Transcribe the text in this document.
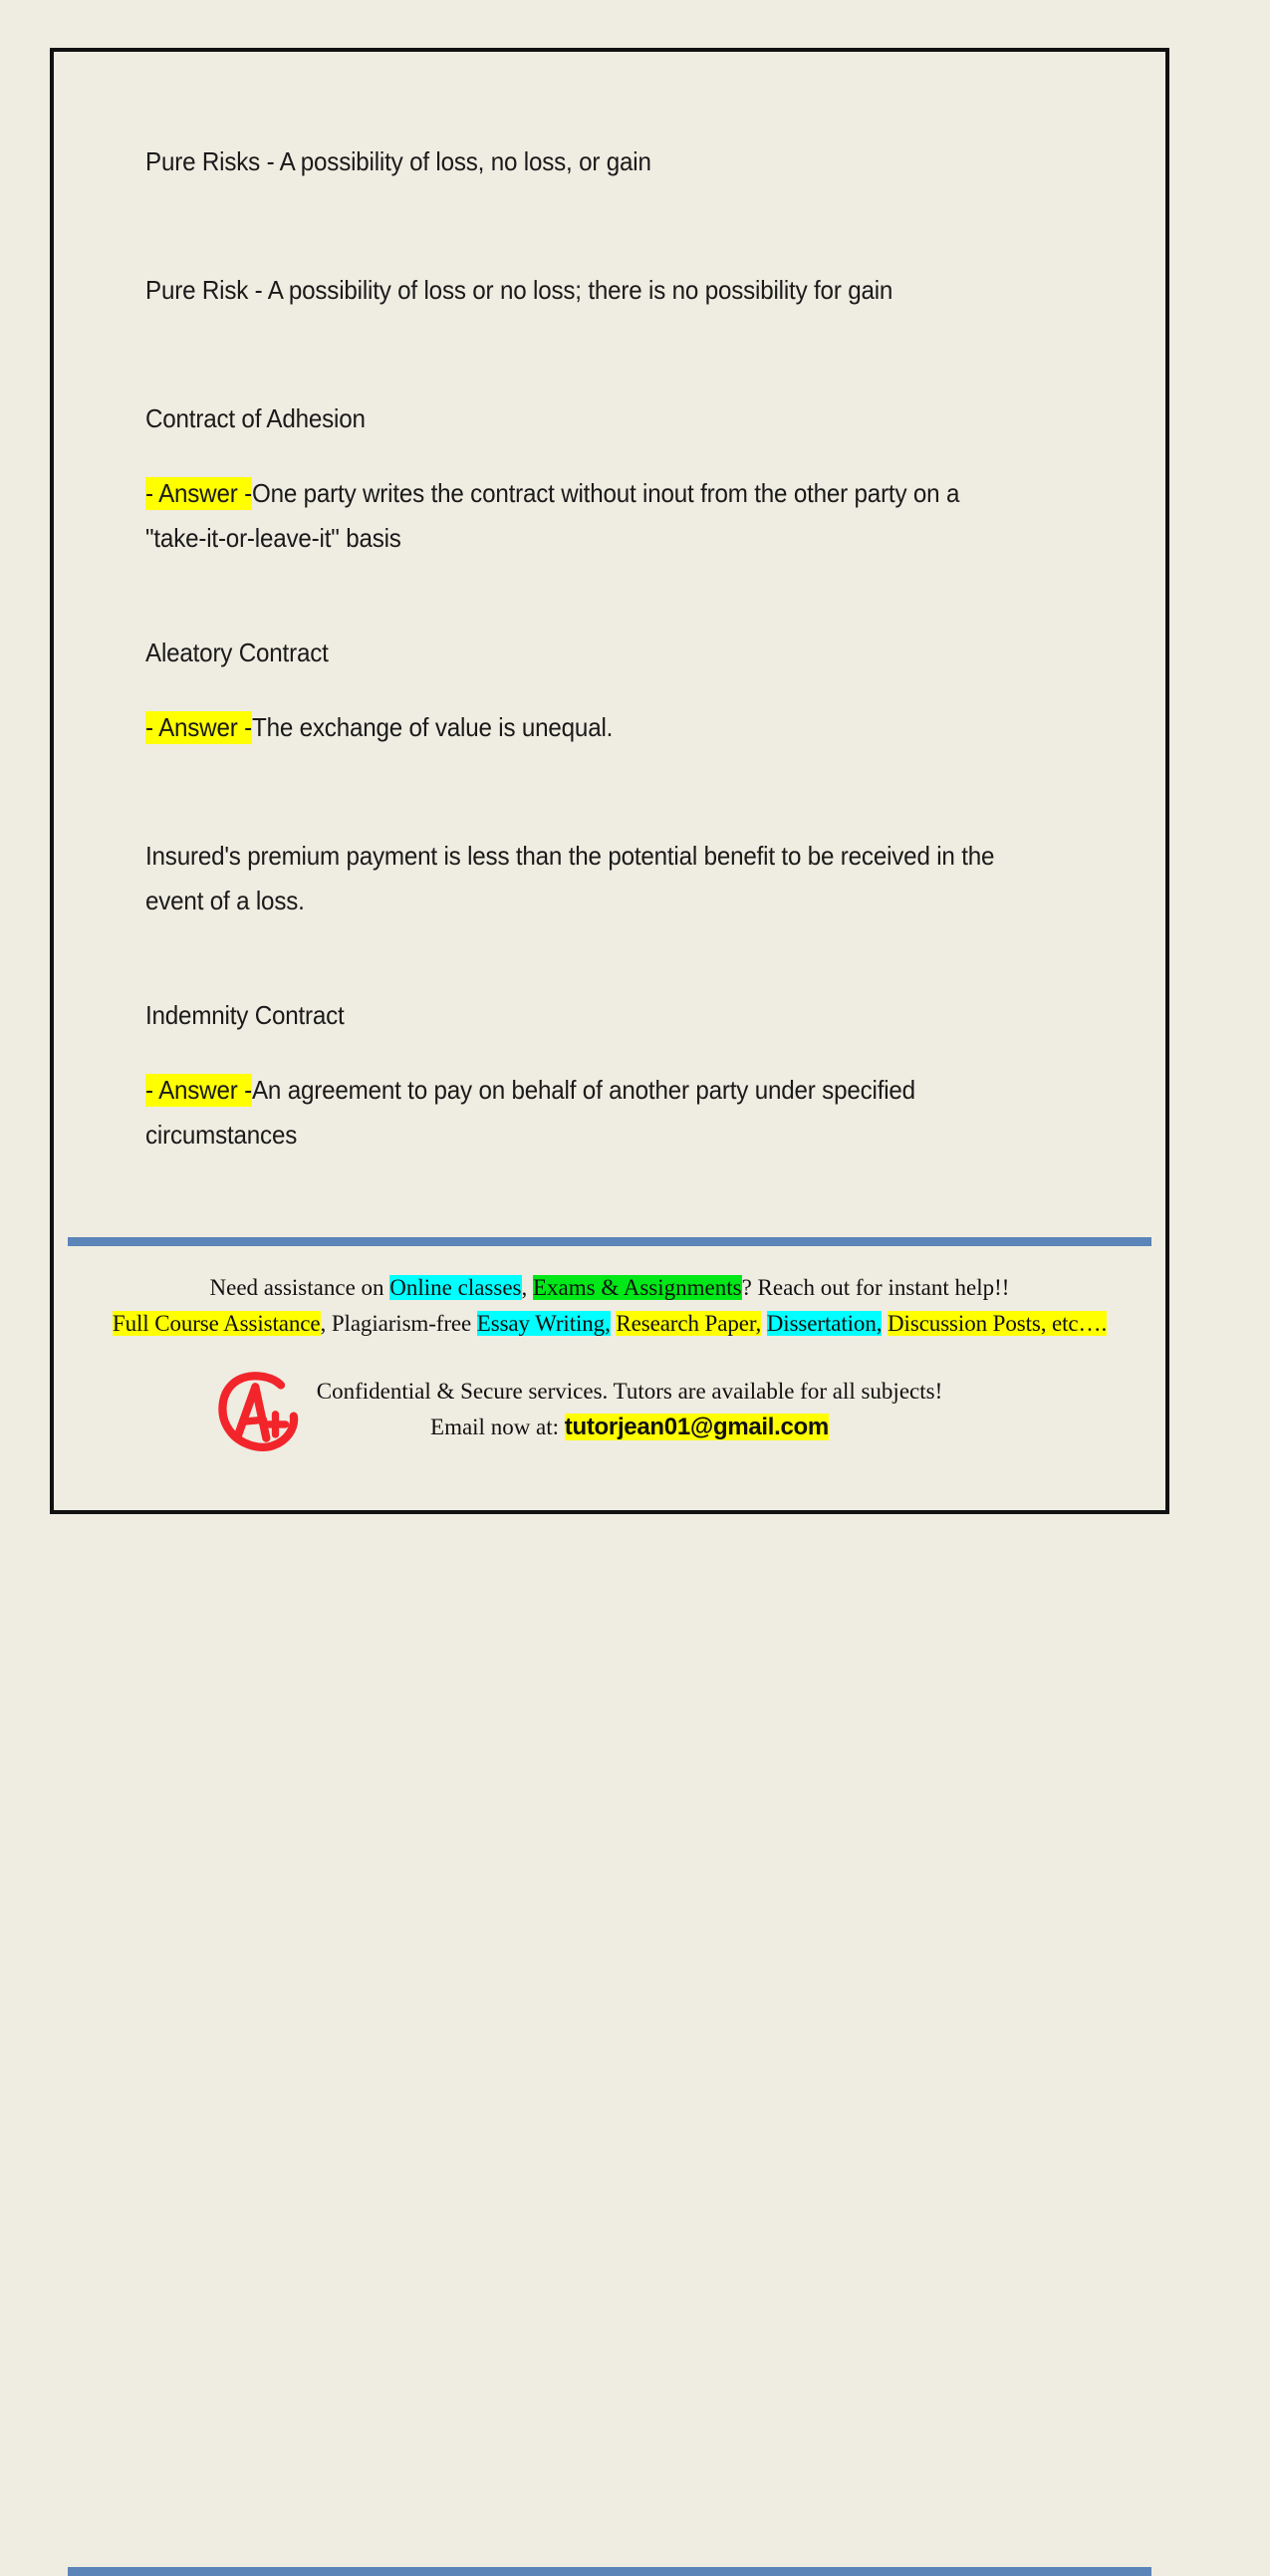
Pure Risks - A possibility of loss, no loss, or gain
Pure Risk - A possibility of loss or no loss; there is no possibility for gain
Contract of Adhesion
- Answer -One party writes the contract without inout from the other party on a "take-it-or-leave-it" basis
Aleatory Contract
- Answer -The exchange of value is unequal.
Insured's premium payment is less than the potential benefit to be received in the event of a loss.
Indemnity Contract
- Answer -An agreement to pay on behalf of another party under specified circumstances
Need assistance on Online classes, Exams & Assignments? Reach out for instant help!!
Full Course Assistance, Plagiarism-free Essay Writing, Research Paper, Dissertation, Discussion Posts, etc….
Confidential & Secure services. Tutors are available for all subjects!
Email now at: tutorjean01@gmail.com
